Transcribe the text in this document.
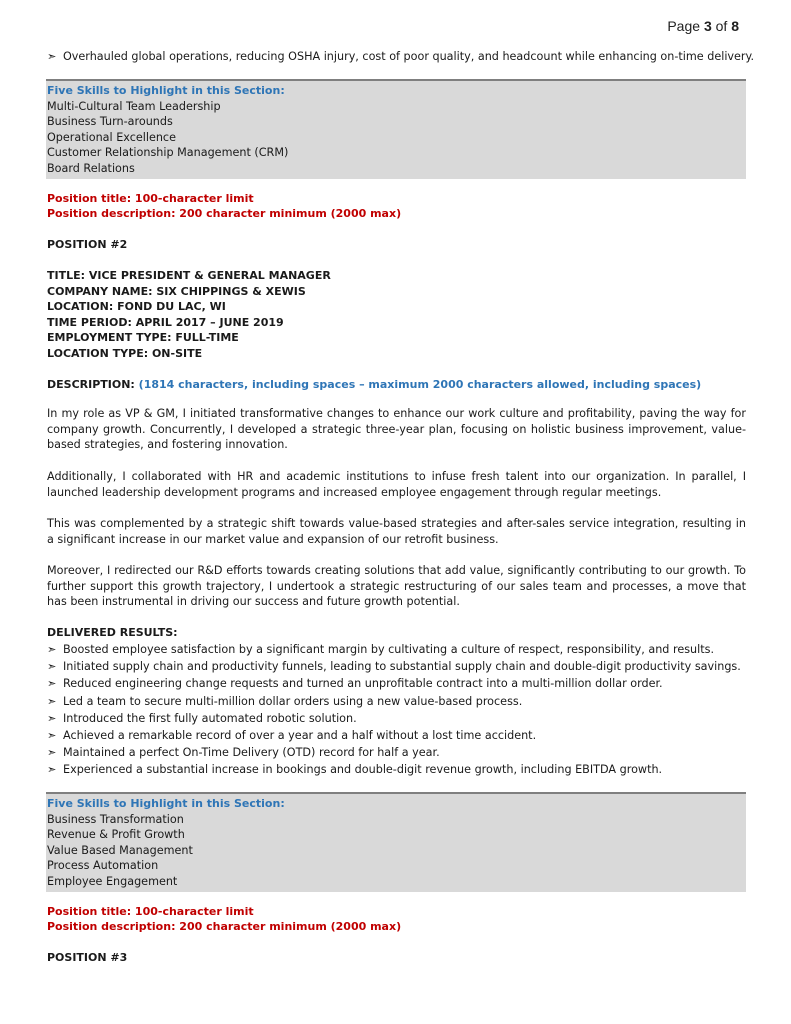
Page 3 of 8
➣ Overhauled global operations, reducing OSHA injury, cost of poor quality, and headcount while enhancing on-time delivery.
Five Skills to Highlight in this Section:
Multi-Cultural Team Leadership
Business Turn-arounds
Operational Excellence
Customer Relationship Management (CRM)
Board Relations
Position title: 100-character limit
Position description: 200 character minimum (2000 max)
POSITION #2
TITLE: VICE PRESIDENT & GENERAL MANAGER
COMPANY NAME: SIX CHIPPINGS & XEWIS
LOCATION: FOND DU LAC, WI
TIME PERIOD: APRIL 2017 – JUNE 2019
EMPLOYMENT TYPE: FULL-TIME
LOCATION TYPE: ON-SITE
DESCRIPTION: (1814 characters, including spaces – maximum 2000 characters allowed, including spaces)
In my role as VP & GM, I initiated transformative changes to enhance our work culture and profitability, paving the way for company growth. Concurrently, I developed a strategic three-year plan, focusing on holistic business improvement, value-based strategies, and fostering innovation.
Additionally, I collaborated with HR and academic institutions to infuse fresh talent into our organization. In parallel, I launched leadership development programs and increased employee engagement through regular meetings.
This was complemented by a strategic shift towards value-based strategies and after-sales service integration, resulting in a significant increase in our market value and expansion of our retrofit business.
Moreover, I redirected our R&D efforts towards creating solutions that add value, significantly contributing to our growth. To further support this growth trajectory, I undertook a strategic restructuring of our sales team and processes, a move that has been instrumental in driving our success and future growth potential.
DELIVERED RESULTS:
➣ Boosted employee satisfaction by a significant margin by cultivating a culture of respect, responsibility, and results.
➣ Initiated supply chain and productivity funnels, leading to substantial supply chain and double-digit productivity savings.
➣ Reduced engineering change requests and turned an unprofitable contract into a multi-million dollar order.
➣ Led a team to secure multi-million dollar orders using a new value-based process.
➣ Introduced the first fully automated robotic solution.
➣ Achieved a remarkable record of over a year and a half without a lost time accident.
➣ Maintained a perfect On-Time Delivery (OTD) record for half a year.
➣ Experienced a substantial increase in bookings and double-digit revenue growth, including EBITDA growth.
Five Skills to Highlight in this Section:
Business Transformation
Revenue & Profit Growth
Value Based Management
Process Automation
Employee Engagement
Position title: 100-character limit
Position description: 200 character minimum (2000 max)
POSITION #3
